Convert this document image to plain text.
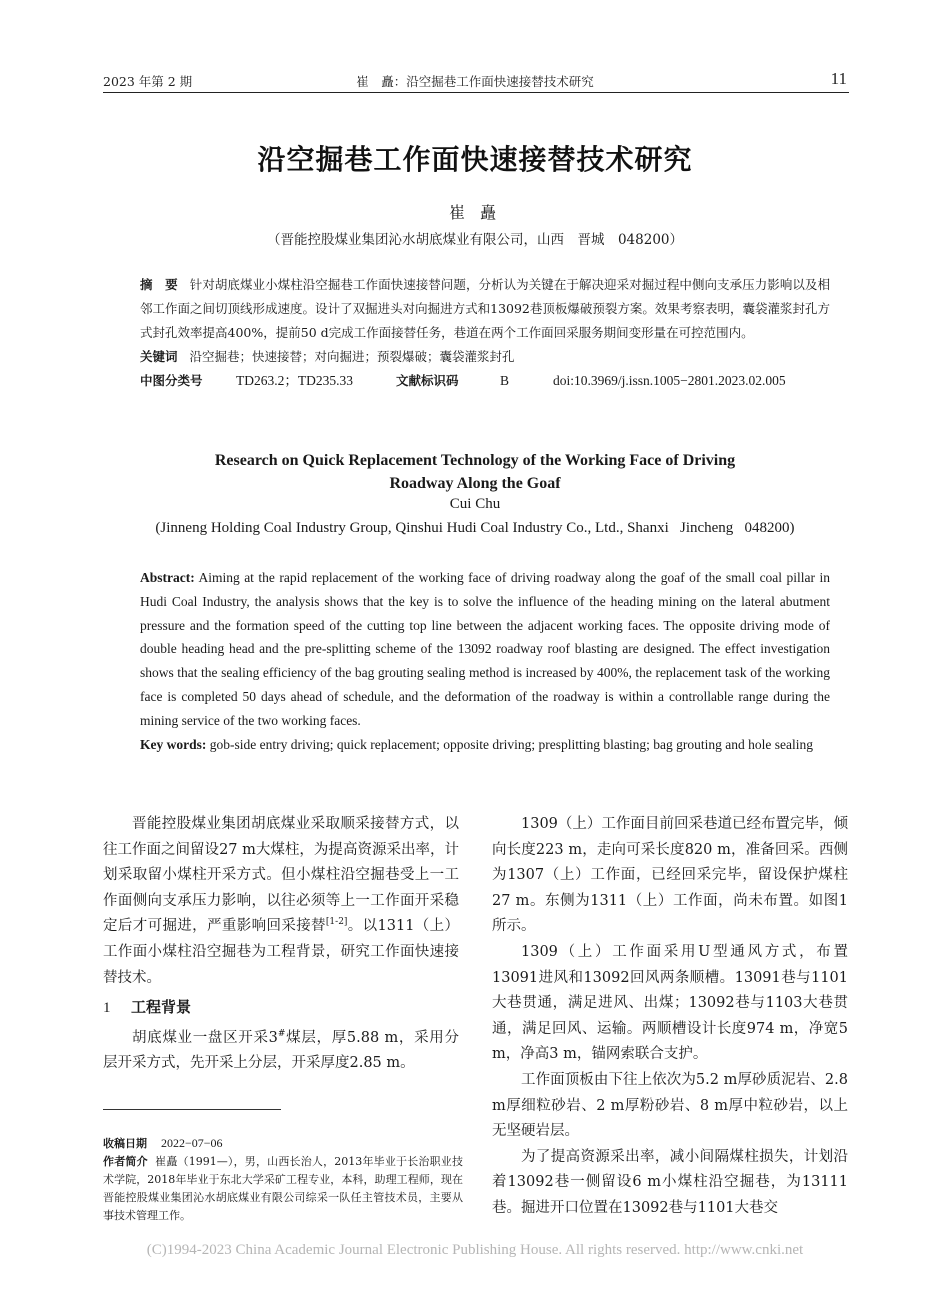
2023 年第 2 期	崔　矗：沿空掘巷工作面快速接替技术研究	11
沿空掘巷工作面快速接替技术研究
崔 矗
（晋能控股煤业集团沁水胡底煤业有限公司，山西　晋城　048200）

摘　要 针对胡底煤业小煤柱沿空掘巷工作面快速接替问题，分析认为关键在于解决迎采对掘过程中侧向支承压力影响以及相邻工作面之间切顶线形成速度。设计了双掘进头对向掘进方式和13092巷顶板爆破预裂方案。效果考察表明，囊袋灌浆封孔方式封孔效率提高400%，提前50 d完成工作面接替任务，巷道在两个工作面回采服务期间变形量在可控范围内。

关键词 沿空掘巷；快速接替；对向掘进；预裂爆破；囊袋灌浆封孔

中图分类号	TD263.2；TD235.33	文献标识码	B	doi:10.3969/j.issn.1005−2801.2023.02.005
Research on Quick Replacement Technology of the Working Face of Driving
Roadway Along the Goaf
Cui Chu
(Jinneng Holding Coal Industry Group, Qinshui Hudi Coal Industry Co., Ltd., Shanxi   Jincheng   048200)

Abstract: Aiming at the rapid replacement of the working face of driving roadway along the goaf of the small coal pillar in Hudi Coal Industry, the analysis shows that the key is to solve the influence of the heading mining on the lateral abutment pressure and the formation speed of the cutting top line between the adjacent working faces. The opposite driving mode of double heading head and the pre-splitting scheme of the 13092 roadway roof blasting are designed. The effect investigation shows that the sealing efficiency of the bag grouting sealing method is increased by 400%, the replacement task of the working face is completed 50 days ahead of schedule, and the deformation of the roadway is within a controllable range during the mining service of the two working faces.

Key words: gob-side entry driving; quick replacement; opposite driving; presplitting blasting; bag grouting and hole sealing

晋能控股煤业集团胡底煤业采取顺采接替方式，以往工作面之间留设27 m大煤柱，为提高资源采出率，计划采取留小煤柱开采方式。但小煤柱沿空掘巷受上一工作面侧向支承压力影响，以往必须等上一工作面开采稳定后才可掘进，严重影响回采接替[1-2]。以1311（上）工作面小煤柱沿空掘巷为工程背景，研究工作面快速接替技术。

1 工程背景

胡底煤业一盘区开采3#煤层，厚5.88 m，采用分层开采方式，先开采上分层，开采厚度2.85 m。

收稿日期 2022−07−06

作者简介 崔矗（1991—），男，山西长治人，2013年毕业于长治职业技术学院，2018年毕业于东北大学采矿工程专业，本科，助理工程师，现在晋能控股煤业集团沁水胡底煤业有限公司综采一队任主管技术员，主要从事技术管理工作。

1309（上）工作面目前回采巷道已经布置完毕，倾向长度223 m，走向可采长度820 m，准备回采。西侧为1307（上）工作面，已经回采完毕，留设保护煤柱27 m。东侧为1311（上）工作面，尚未布置。如图1所示。

1309（上）工作面采用U型通风方式，布置13091进风和13092回风两条顺槽。13091巷与1101大巷贯通，满足进风、出煤；13092巷与1103大巷贯通，满足回风、运输。两顺槽设计长度974 m，净宽5 m，净高3 m，锚网索联合支护。

工作面顶板由下往上依次为5.2 m厚砂质泥岩、2.8 m厚细粒砂岩、2 m厚粉砂岩、8 m厚中粒砂岩，以上无坚硬岩层。

为了提高资源采出率，减小间隔煤柱损失，计划沿着13092巷一侧留设6 m小煤柱沿空掘巷，为13111巷。掘进开口位置在13092巷与1101大巷交

(C)1994-2023 China Academic Journal Electronic Publishing House. All rights reserved. http://www.cnki.net
